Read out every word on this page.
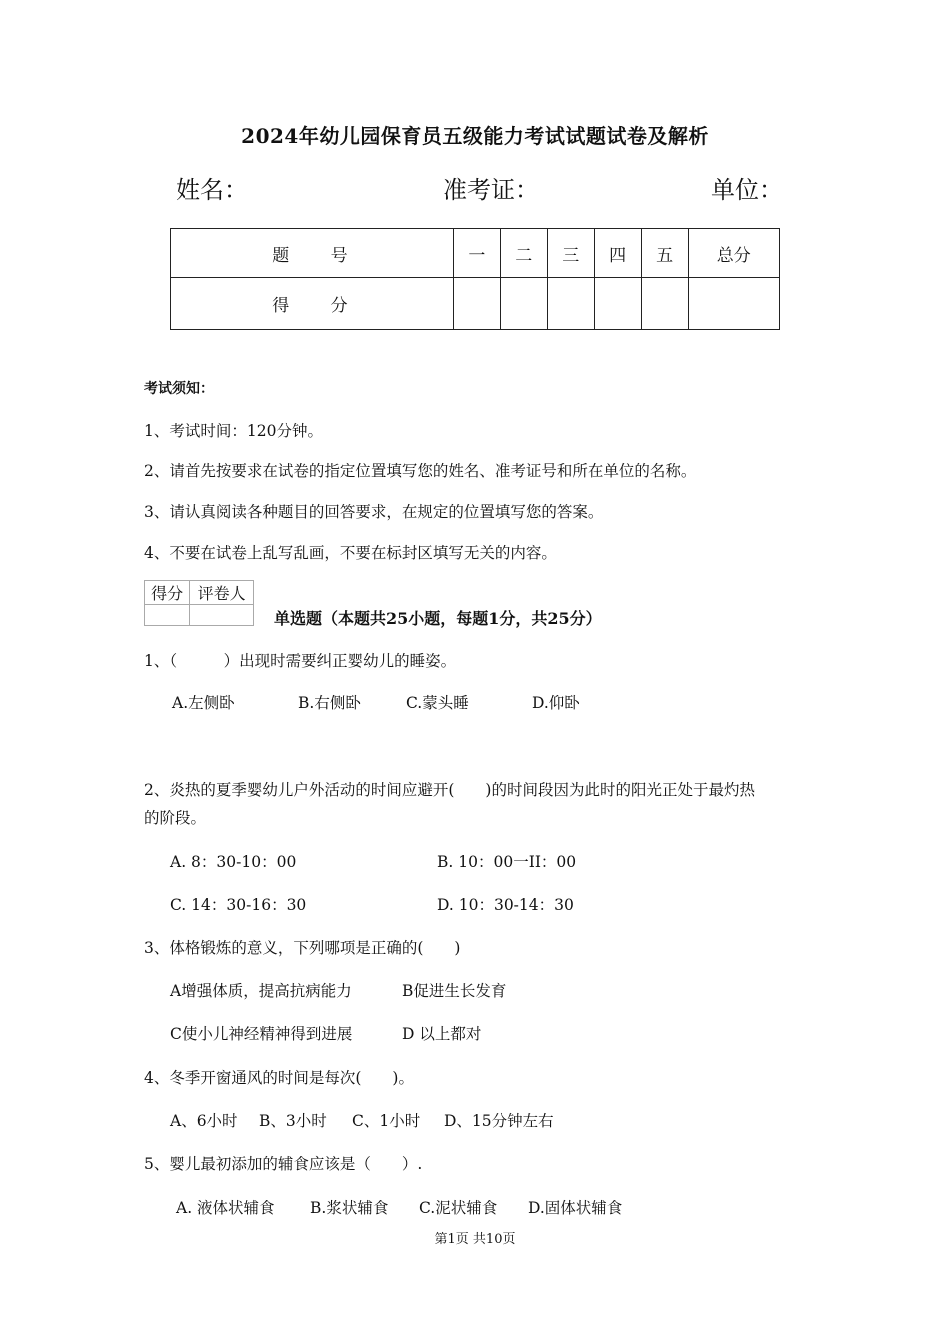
2024年幼儿园保育员五级能力考试试题试卷及解析
姓名：	准考证：	单位：
题 号	一	二	三	四	五	总分
得 分						
考试须知：
1、考试时间：120分钟。
2、请首先按要求在试卷的指定位置填写您的姓名、准考证号和所在单位的名称。
3、请认真阅读各种题目的回答要求，在规定的位置填写您的答案。
4、不要在试卷上乱写乱画，不要在标封区填写无关的内容。
得分	评卷人

单选题（本题共25小题，每题1分，共25分）
1、（　　　）出现时需要纠正婴幼儿的睡姿。
A.左侧卧	B.右侧卧	C.蒙头睡	D.仰卧
2、炎热的夏季婴幼儿户外活动的时间应避开(　　)的时间段因为此时的阳光正处于最灼热
的阶段。
A. 8：30-10：00	B. 10：00一II：00
C. 14：30-16：30	D. 10：30-14：30
3、体格锻炼的意义，下列哪项是正确的(　　)
A增强体质，提高抗病能力	B促进生长发育
C使小儿神经精神得到进展	D 以上都对
4、冬季开窗通风的时间是每次(　　)。
A、6小时 B、3小时 C、1小时 D、15分钟左右
5、婴儿最初添加的辅食应该是（　　）.
A. 液体状辅食 B.浆状辅食 C.泥状辅食 D.固体状辅食
第1页 共10页
